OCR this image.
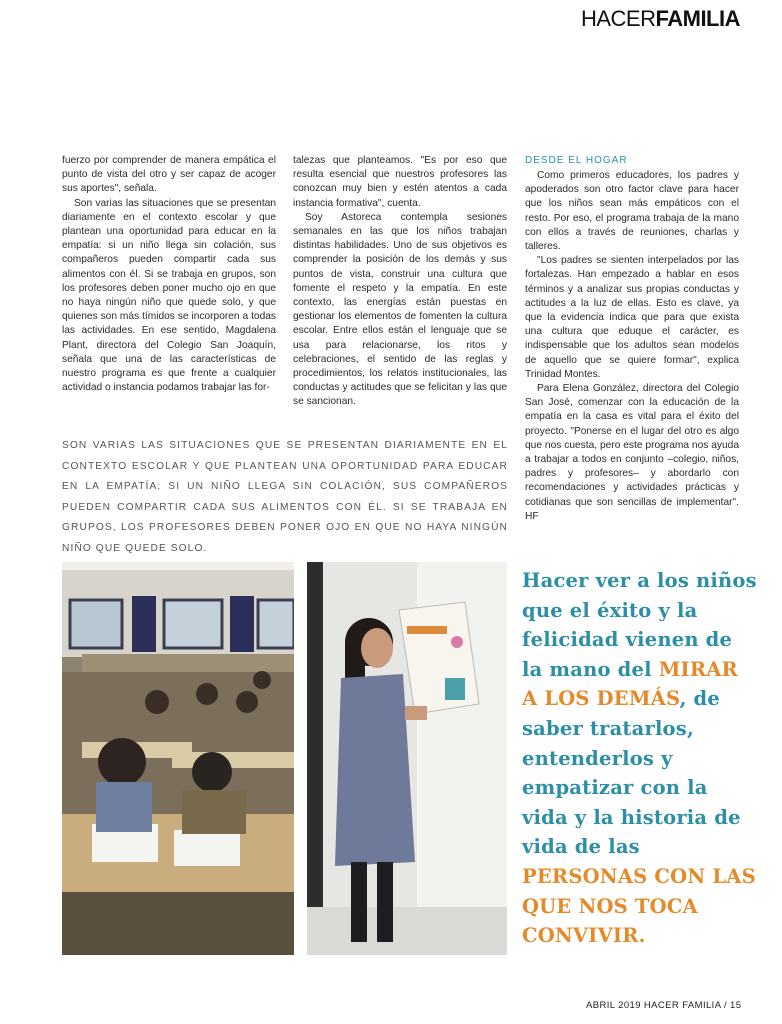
HACERFAMILIA

fuerzo por comprender de manera empática el punto de vista del otro y ser capaz de acoger sus aportes", señala.

Son varias las situaciones que se presentan diariamente en el contexto escolar y que plantean una oportunidad para educar en la empatía: si un niño llega sin colación, sus compañeros pueden compartir cada sus alimentos con él. Si se trabaja en grupos, son los profesores deben poner mucho ojo en que no haya ningún niño que quede solo, y que quienes son más tímidos se incorporen a todas las actividades. En ese sentido, Magdalena Plant, directora del Colegio San Joaquín, señala que una de las características de nuestro programa es que frente a cualquier actividad o instancia podamos trabajar las for-

talezas que planteamos. "Es por eso que resulta esencial que nuestros profesores las conozcan muy bien y estén atentos a cada instancia formativa", cuenta.

Soy Astoreca contempla sesiones semanales en las que los niños trabajan distintas habilidades. Uno de sus objetivos es comprender la posición de los demás y sus puntos de vista, construir una cultura que fomente el respeto y la empatía. En este contexto, las energías están puestas en gestionar los elementos de fomenten la cultura escolar. Entre ellos están el lenguaje que se usa para relacionarse, los ritos y celebraciones, el sentido de las reglas y procedimientos, los relatos institucionales, las conductas y actitudes que se felicitan y las que se sancionan.

DESDE EL HOGAR

Como primeros educadores, los padres y apoderados son otro factor clave para hacer que los niños sean más empáticos con el resto. Por eso, el programa trabaja de la mano con ellos a través de reuniones, charlas y talleres.

"Los padres se sienten interpelados por las fortalezas. Han empezado a hablar en esos términos y a analizar sus propias conductas y actitudes a la luz de ellas. Esto es clave, ya que la evidencia indica que para que exista una cultura que eduque el carácter, es indispensable que los adultos sean modelos de aquello que se quiere formar", explica Trinidad Montes.

Para Elena González, directora del Colegio San José, comenzar con la educación de la empatía en la casa es vital para el éxito del proyecto. "Ponerse en el lugar del otro es algo que nos cuesta, pero este programa nos ayuda a trabajar a todos en conjunto –colegio, niños, padres y profesores– y abordarlo con recomendaciones y actividades prácticas y cotidianas que son sencillas de implementar". HF

SON VARIAS LAS SITUACIONES QUE SE PRESENTAN DIARIAMENTE EN EL CONTEXTO ESCOLAR Y QUE PLANTEAN UNA OPORTUNIDAD PARA EDUCAR EN LA EMPATÍA: SI UN NIÑO LLEGA SIN COLACIÓN, SUS COMPAÑEROS PUEDEN COMPARTIR CADA SUS ALIMENTOS CON ÉL. SI SE TRABAJA EN GRUPOS, LOS PROFESORES DEBEN PONER OJO EN QUE NO HAYA NINGÚN NIÑO QUE QUEDE SOLO.
Hacer ver a los niños que el éxito y la felicidad vienen de la mano del MIRAR A LOS DEMÁS, de saber tratarlos, entenderlos y empatizar con la vida y la historia de vida de las PERSONAS CON LAS QUE NOS TOCA CONVIVIR.
ABRIL 2019 HACER FAMILIA / 15
